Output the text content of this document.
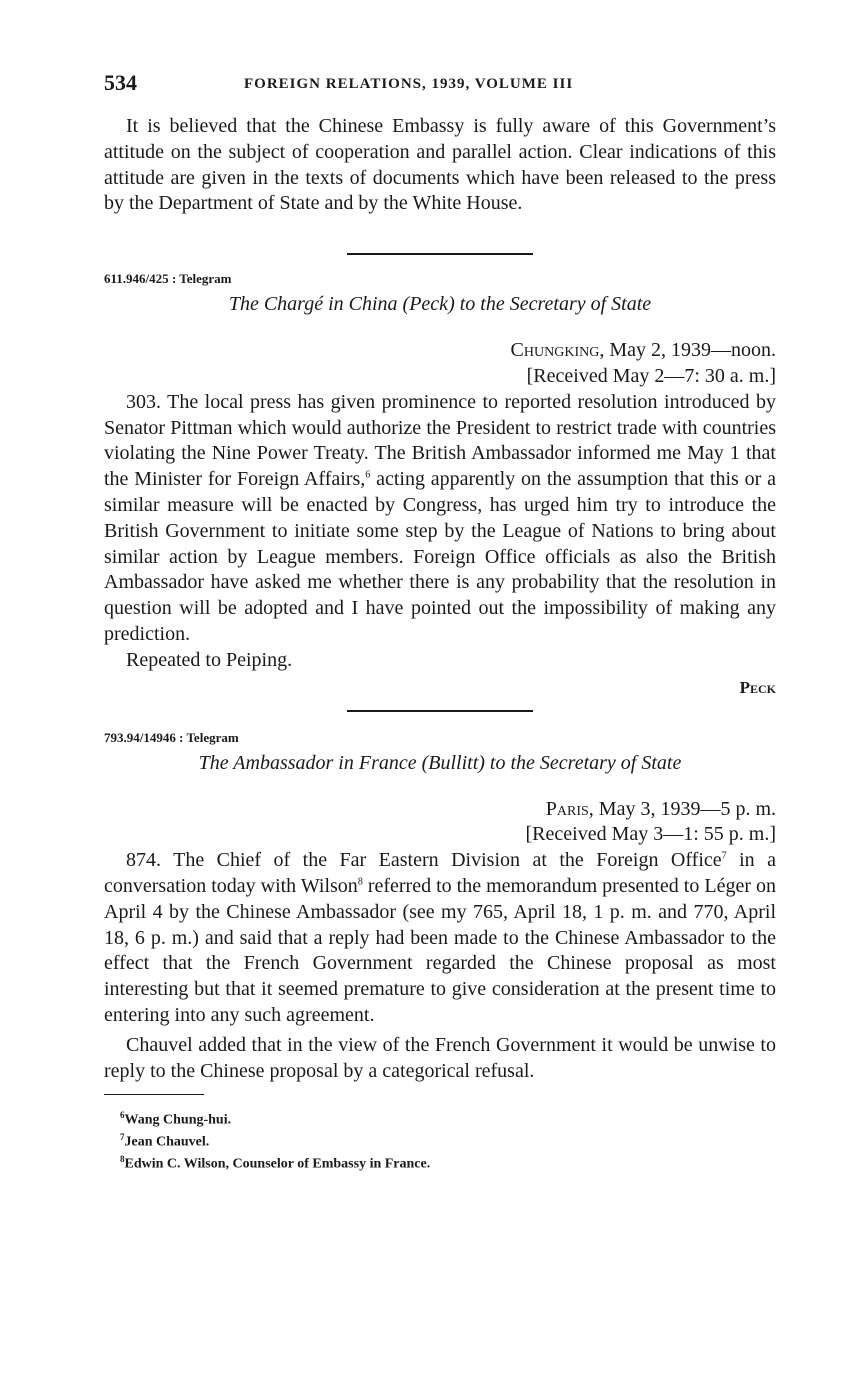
534	FOREIGN RELATIONS, 1939, VOLUME III

It is believed that the Chinese Embassy is fully aware of this Government’s attitude on the subject of cooperation and parallel action. Clear indications of this attitude are given in the texts of documents which have been released to the press by the Department of State and by the White House.

611.946/425 : Telegram

The Chargé in China (Peck) to the Secretary of State

Chungking, May 2, 1939—noon.

[Received May 2—7: 30 a. m.]

303. The local press has given prominence to reported resolution introduced by Senator Pittman which would authorize the President to restrict trade with countries violating the Nine Power Treaty. The British Ambassador informed me May 1 that the Minister for Foreign Affairs,$^6$ acting apparently on the assumption that this or a similar measure will be enacted by Congress, has urged him try to introduce the British Government to initiate some step by the League of Nations to bring about similar action by League members. Foreign Office officials as also the British Ambassador have asked me whether there is any probability that the resolution in question will be adopted and I have pointed out the impossibility of making any prediction.

Repeated to Peiping.

Peck

793.94/14946 : Telegram

The Ambassador in France (Bullitt) to the Secretary of State

Paris, May 3, 1939—5 p. m.

[Received May 3—1: 55 p. m.]

874. The Chief of the Far Eastern Division at the Foreign Office$^7$ in a conversation today with Wilson$^8$ referred to the memorandum presented to Léger on April 4 by the Chinese Ambassador (see my 765, April 18, 1 p. m. and 770, April 18, 6 p. m.) and said that a reply had been made to the Chinese Ambassador to the effect that the French Government regarded the Chinese proposal as most interesting but that it seemed premature to give consideration at the present time to entering into any such agreement.

Chauvel added that in the view of the French Government it would be unwise to reply to the Chinese proposal by a categorical refusal.

$^6$Wang Chung-hui.

$^7$Jean Chauvel.

$^8$Edwin C. Wilson, Counselor of Embassy in France.
